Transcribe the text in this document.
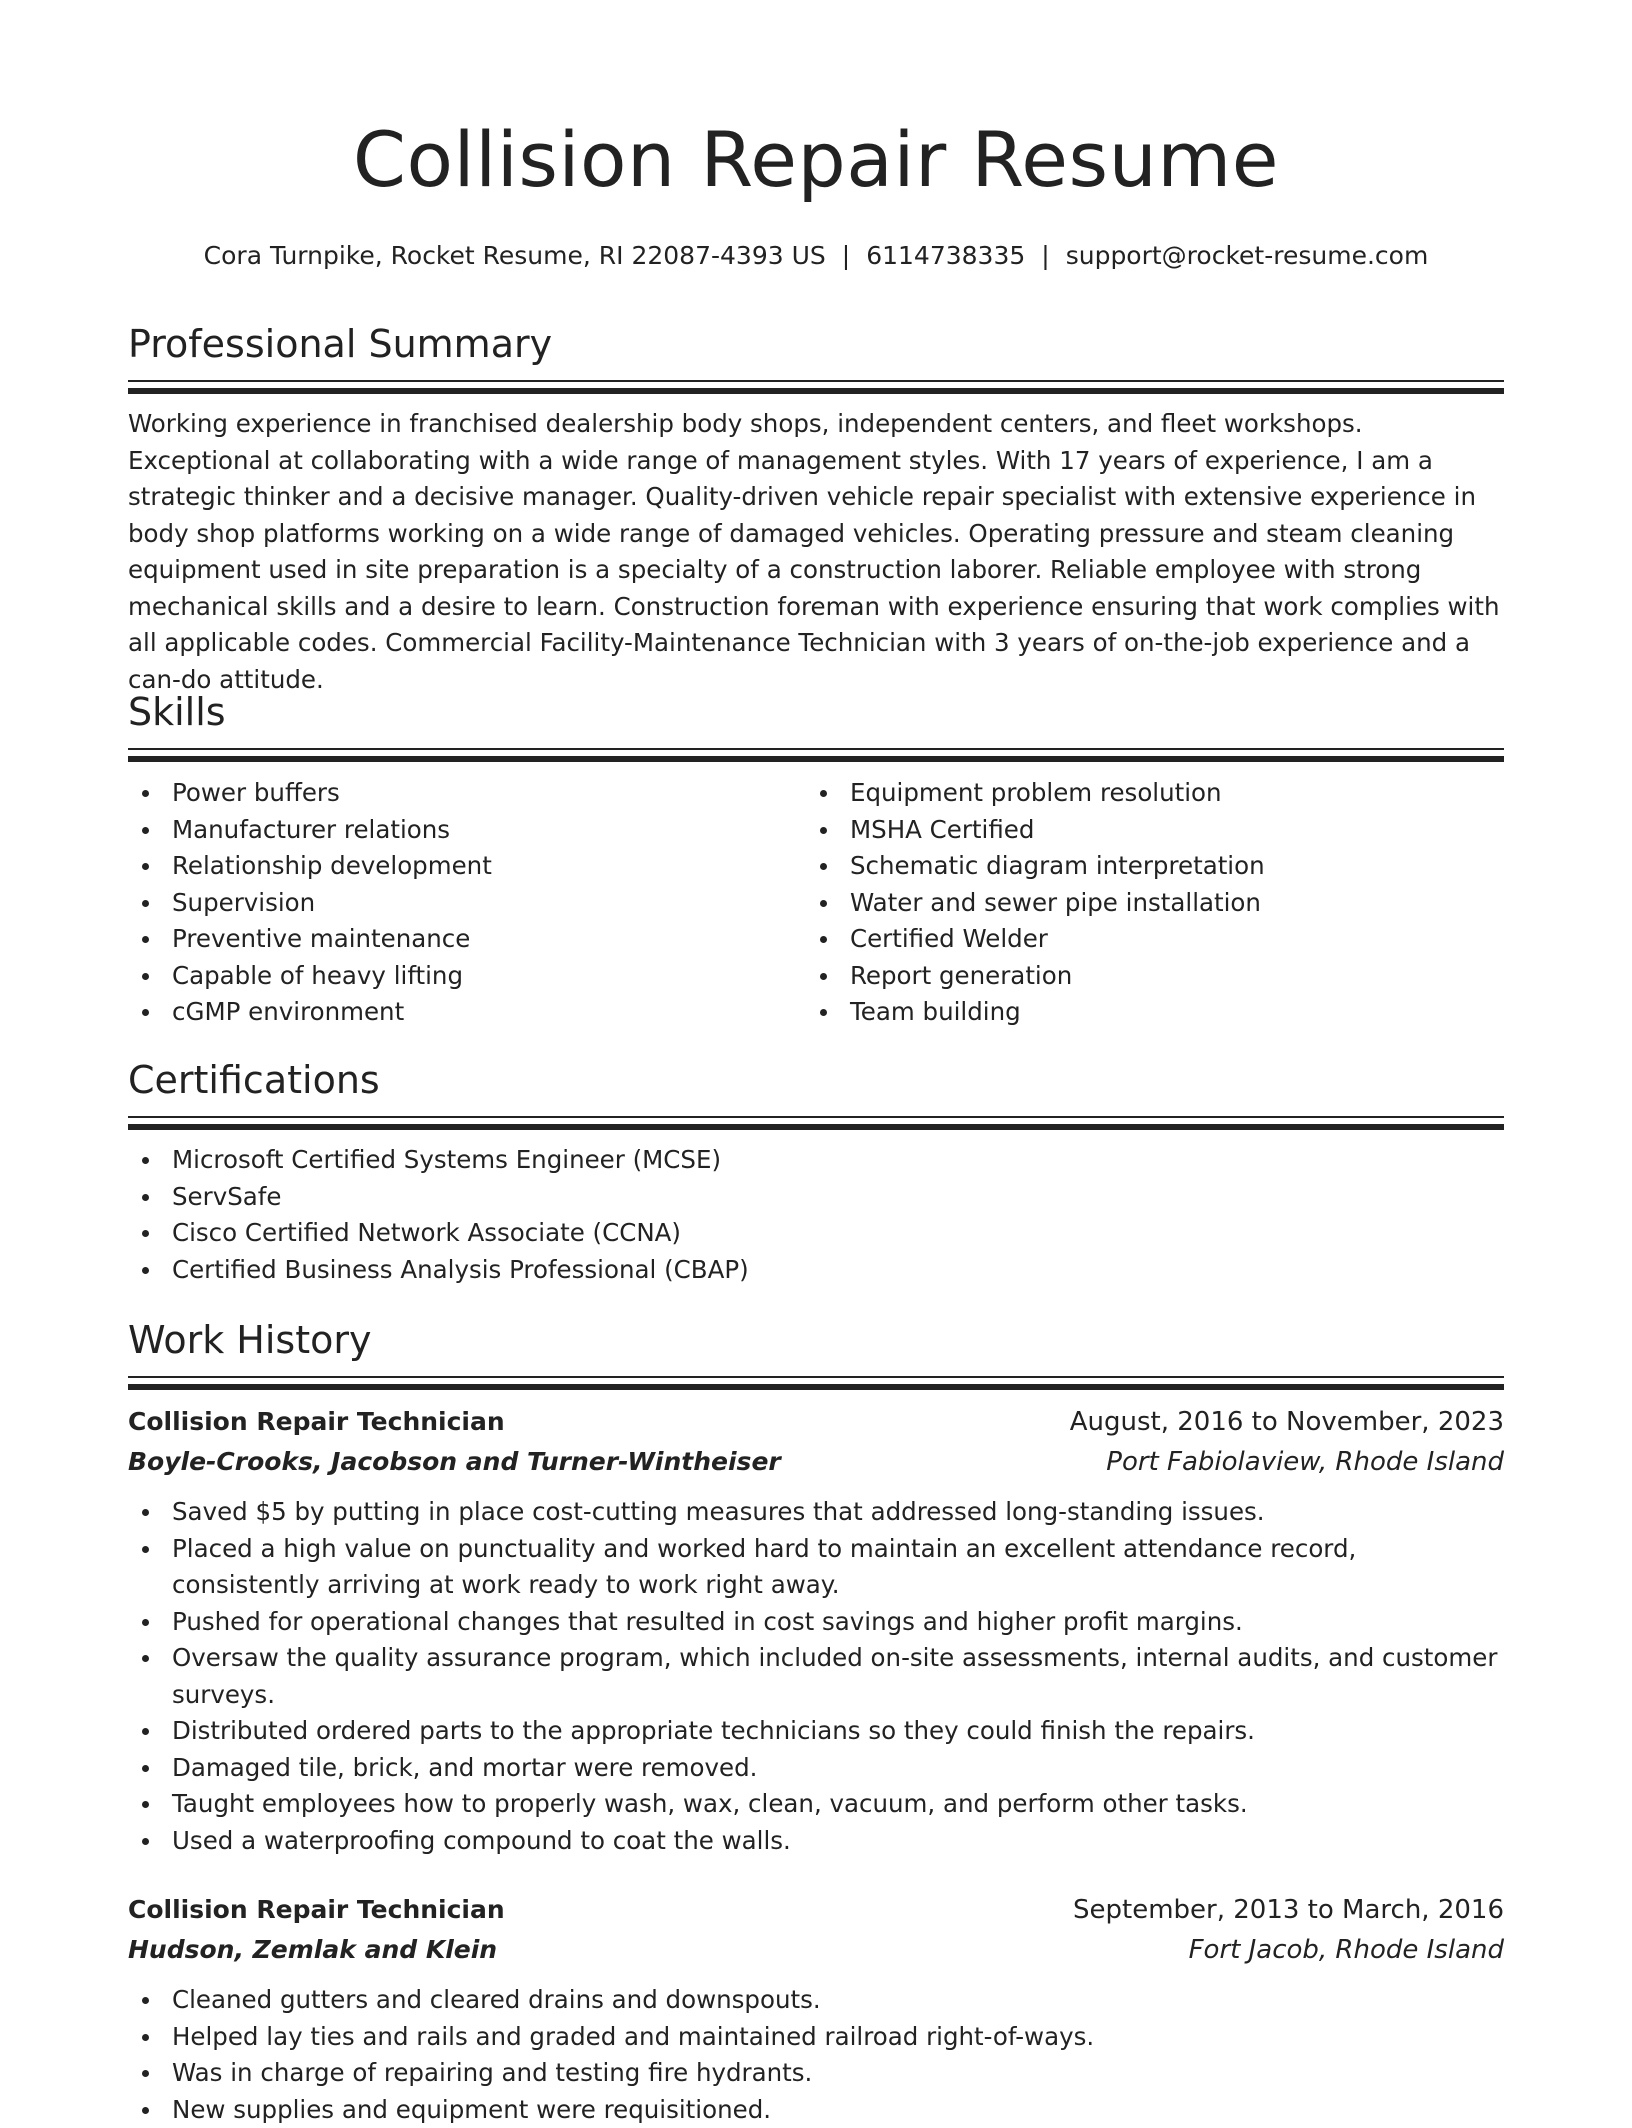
Collision Repair Resume
Cora Turnpike, Rocket Resume, RI 22087-4393 US | 6114738335 | support@rocket-resume.com
Professional Summary

Working experience in franchised dealership body shops, independent centers, and fleet workshops. Exceptional at collaborating with a wide range of management styles. With 17 years of experience, I am a strategic thinker and a decisive manager. Quality-driven vehicle repair specialist with extensive experience in body shop platforms working on a wide range of damaged vehicles. Operating pressure and steam cleaning equipment used in site preparation is a specialty of a construction laborer. Reliable employee with strong mechanical skills and a desire to learn. Construction foreman with experience ensuring that work complies with all applicable codes. Commercial Facility-Maintenance Technician with 3 years of on-the-job experience and a can-do attitude.

Skills
Power buffers
Manufacturer relations
Relationship development
Supervision
Preventive maintenance
Capable of heavy lifting
cGMP environment
Equipment problem resolution
MSHA Certified
Schematic diagram interpretation
Water and sewer pipe installation
Certified Welder
Report generation
Team building
Certifications
Microsoft Certified Systems Engineer (MCSE)
ServSafe
Cisco Certified Network Associate (CCNA)
Certified Business Analysis Professional (CBAP)
Work History
Collision Repair Technician	August, 2016 to November, 2023
Boyle-Crooks, Jacobson and Turner-Wintheiser	Port Fabiolaview, Rhode Island
Saved $5 by putting in place cost-cutting measures that addressed long-standing issues.
Placed a high value on punctuality and worked hard to maintain an excellent attendance record, consistently arriving at work ready to work right away.
Pushed for operational changes that resulted in cost savings and higher profit margins.
Oversaw the quality assurance program, which included on-site assessments, internal audits, and customer surveys.
Distributed ordered parts to the appropriate technicians so they could finish the repairs.
Damaged tile, brick, and mortar were removed.
Taught employees how to properly wash, wax, clean, vacuum, and perform other tasks.
Used a waterproofing compound to coat the walls.
Collision Repair Technician	September, 2013 to March, 2016
Hudson, Zemlak and Klein	Fort Jacob, Rhode Island
Cleaned gutters and cleared drains and downspouts.
Helped lay ties and rails and graded and maintained railroad right-of-ways.
Was in charge of repairing and testing fire hydrants.
New supplies and equipment were requisitioned.
